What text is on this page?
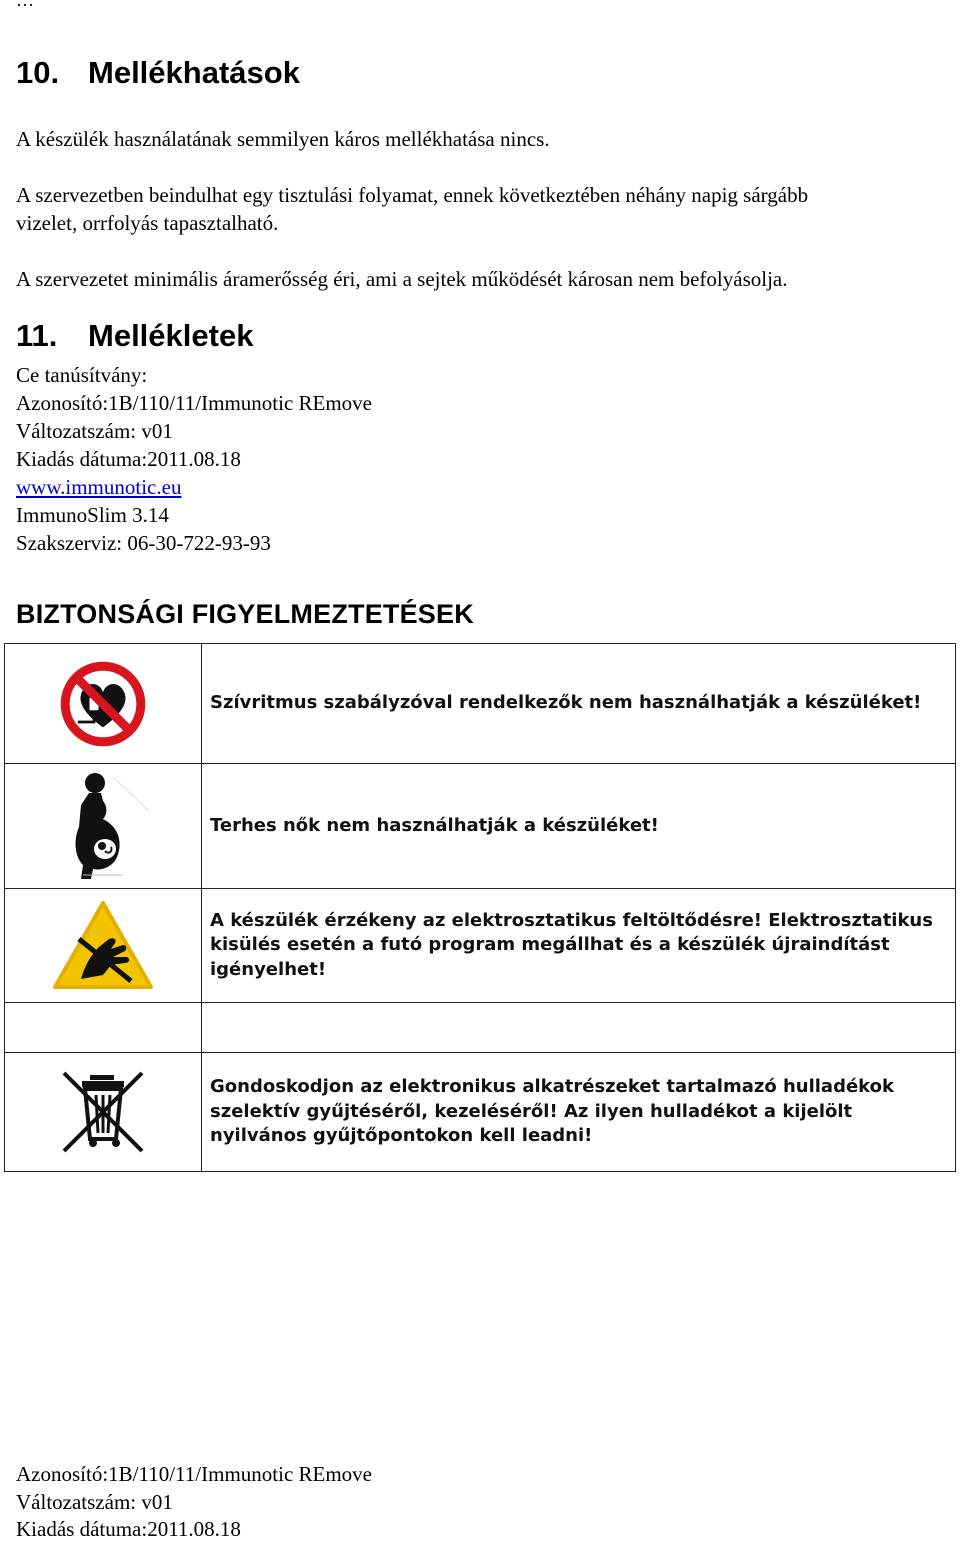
…
10. Mellékhatások
A készülék használatának semmilyen káros mellékhatása nincs.
A szervezetben beindulhat egy tisztulási folyamat, ennek következtében néhány napig sárgább
vizelet, orrfolyás tapasztalható.
A szervezetet minimális áramerősség éri, ami a sejtek működését károsan nem befolyásolja.
11. Mellékletek
Ce tanúsítvány:
Azonosító:1B/110/11/Immunotic REmove
Változatszám: v01
Kiadás dátuma:2011.08.18
www.immunotic.eu
ImmunoSlim 3.14
Szakszerviz: 06-30-722-93-93
BIZTONSÁGI FIGYELMEZTETÉSEK

Szívritmus szabályzóval rendelkezők nem használhatják a készüléket!

Terhes nők nem használhatják a készüléket!

A készülék érzékeny az elektrosztatikus feltöltődésre! Elektrosztatikus
kisülés esetén a futó program megállhat és a készülék újraindítást
igényelhet!

Gondoskodjon az elektronikus alkatrészeket tartalmazó hulladékok
szelektív gyűjtéséről, kezeléséről! Az ilyen hulladékot a kijelölt
nyilvános gyűjtőpontokon kell leadni!
Azonosító:1B/110/11/Immunotic REmove
Változatszám: v01
Kiadás dátuma:2011.08.18
